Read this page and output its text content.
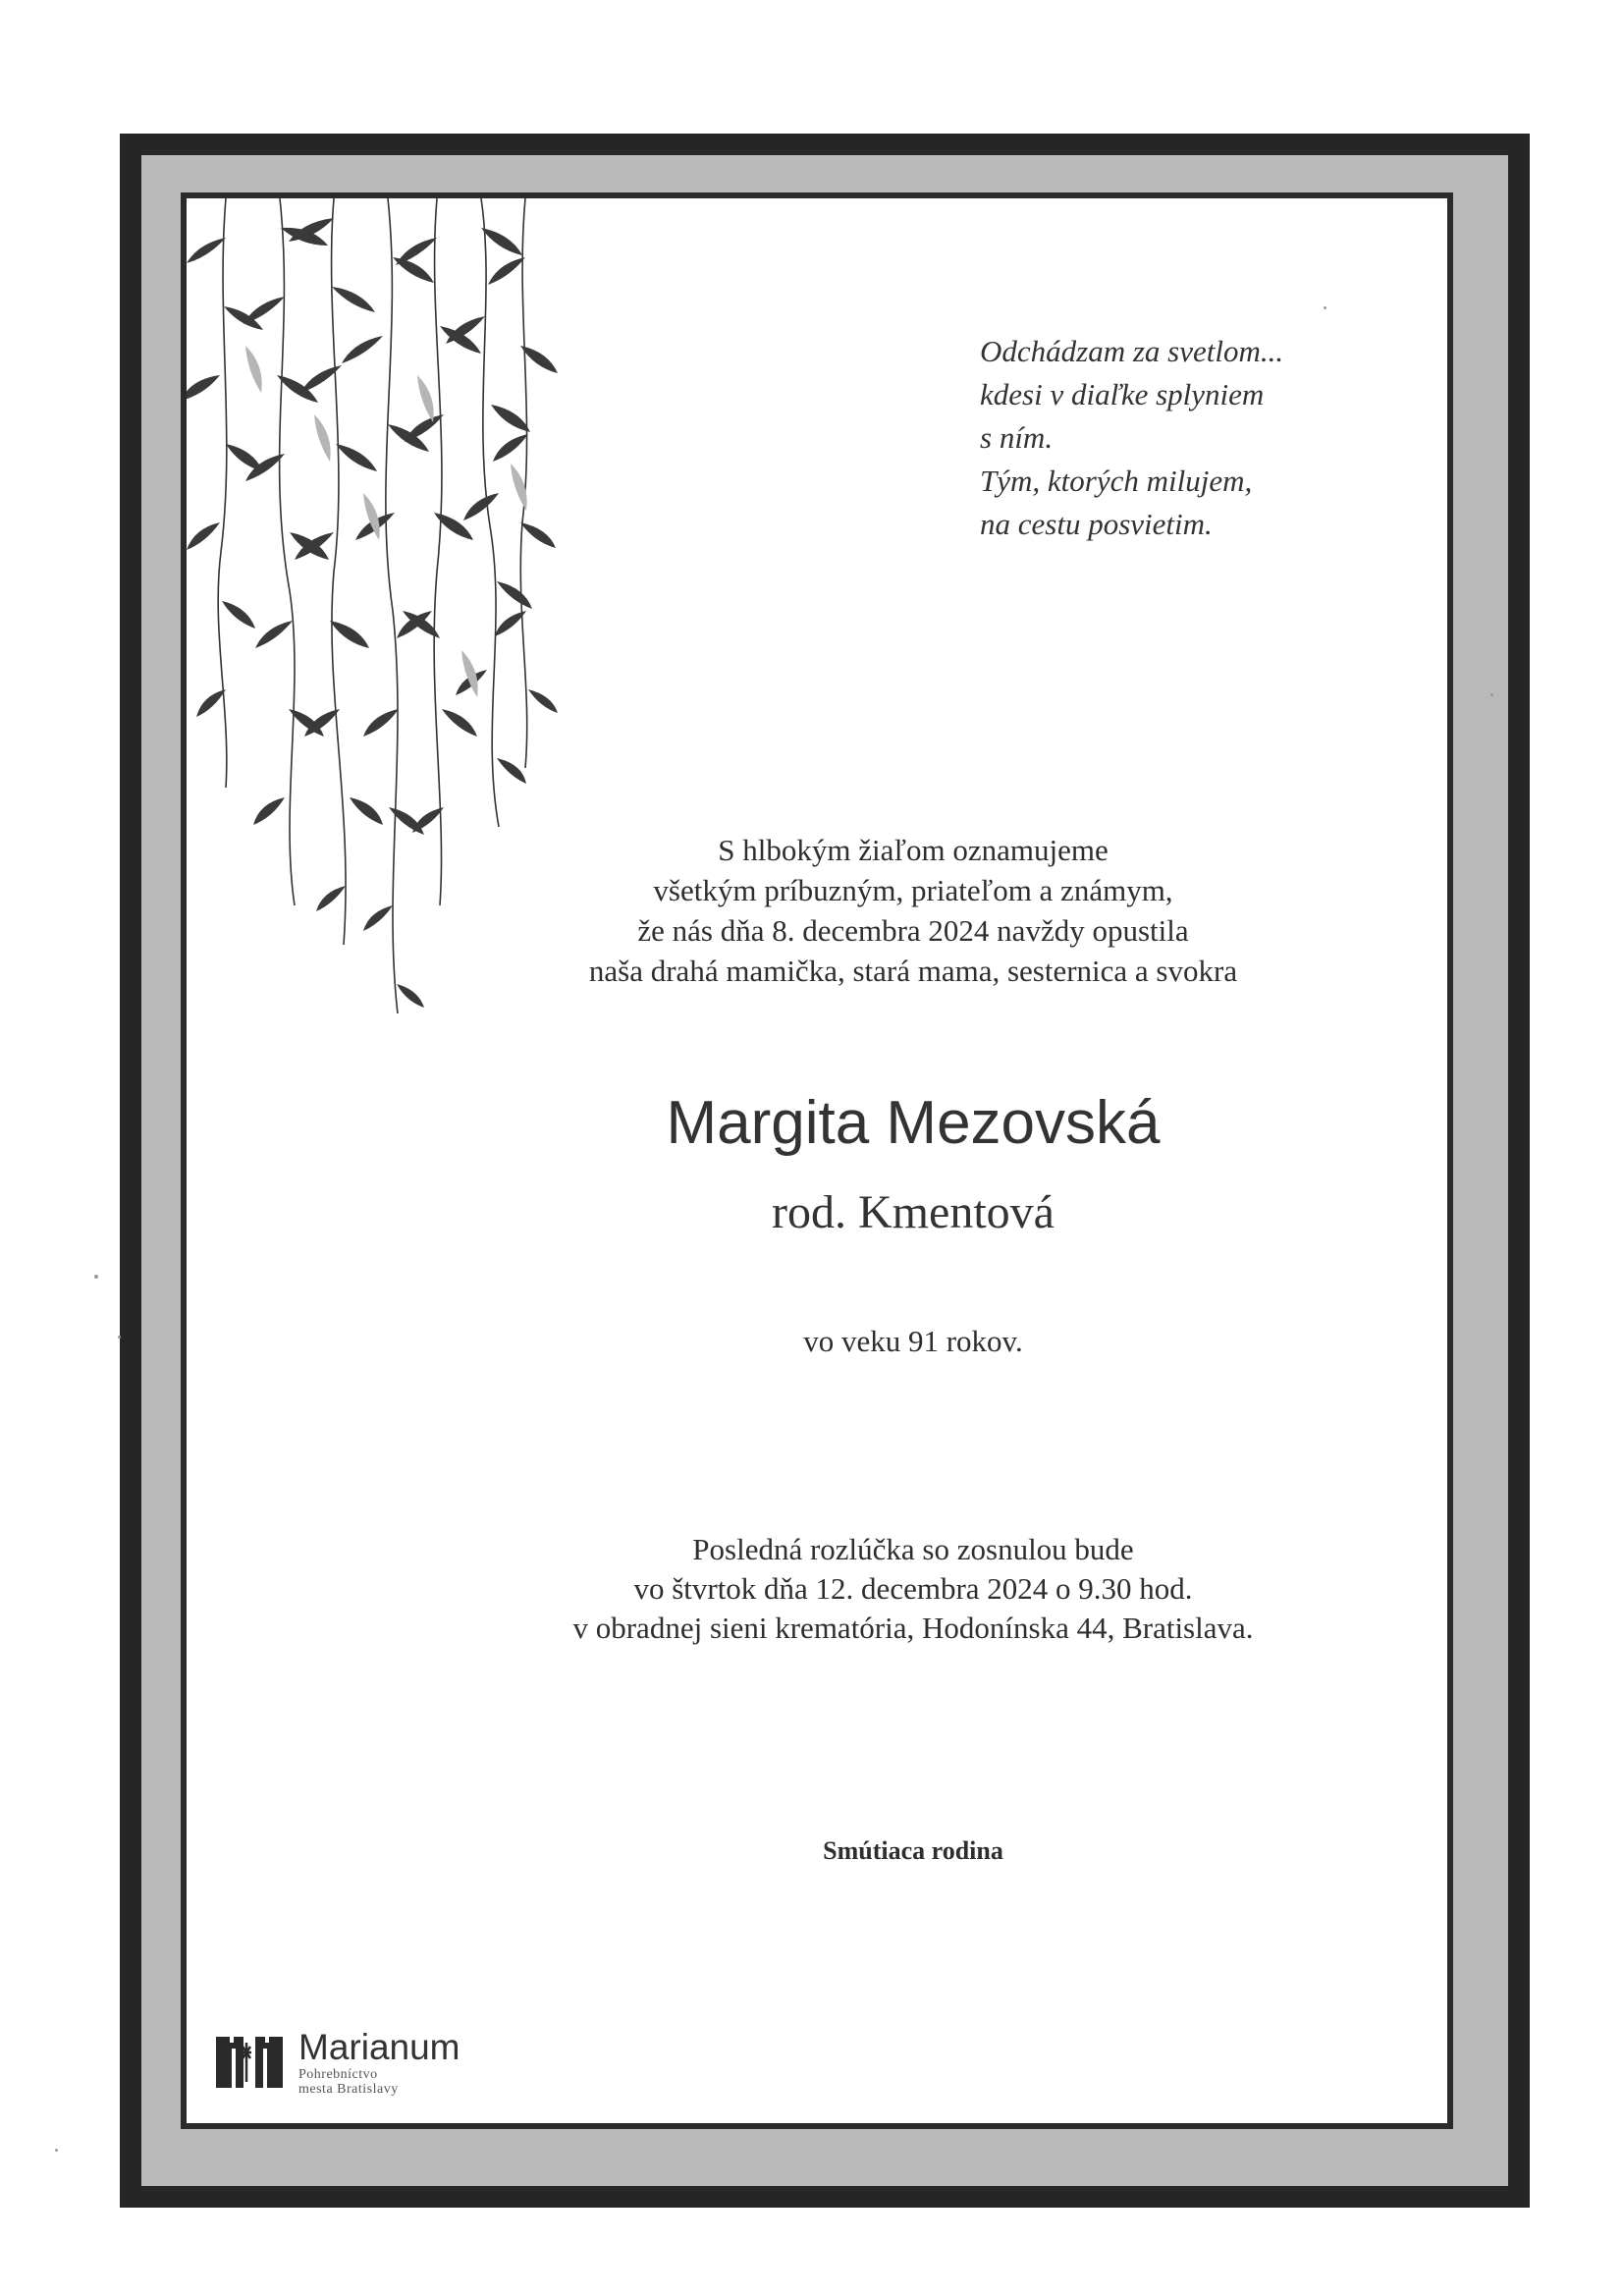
Odchádzam za svetlom...
kdesi v diaľke splyniem
s ním.
Tým, ktorých milujem,
na cestu posvietim.
S hlbokým žiaľom oznamujeme
všetkým príbuzným, priateľom a známym,
že nás dňa 8. decembra 2024 navždy opustila
naša drahá mamička, stará mama, sesternica a svokra
Margita Mezovská
rod. Kmentová
vo veku 91 rokov.
Posledná rozlúčka so zosnulou bude
vo štvrtok dňa 12. decembra 2024 o 9.30 hod.
v obradnej sieni krematória, Hodonínska 44, Bratislava.
Smútiaca rodina
Marianum
Pohrebníctvo
mesta Bratislavy
